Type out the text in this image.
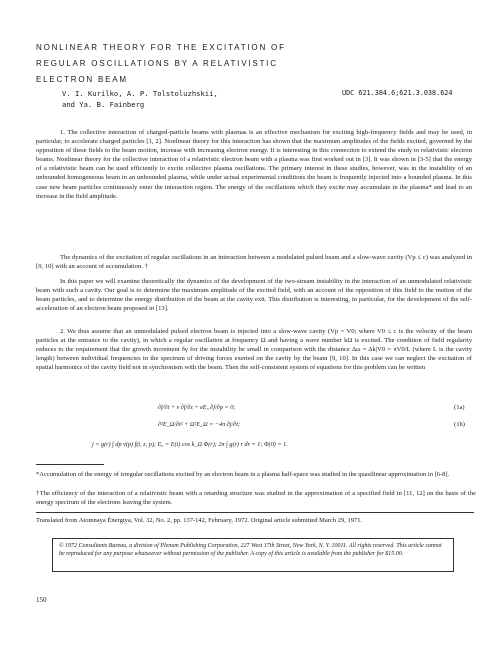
NONLINEAR THEORY FOR THE EXCITATION OF
REGULAR OSCILLATIONS BY A RELATIVISTIC
ELECTRON BEAM
V. I. Kurilko, A. P. Tolstoluzhskii,
and Ya. B. Fainberg
UDC 621.384.6;621.3.038.624

1. The collective interaction of charged-particle beams with plasmas is an effective mechanism for exciting high-frequency fields and may be used, in particular, to accelerate charged particles [1, 2]. Nonlinear theory for this interaction has shown that the maximum amplitudes of the fields excited, governed by the opposition of these fields to the beam motion, increase with increasing electron energy. It is interesting in this connection to extend the study to relativistic electron beams. Nonlinear theory for the collective interaction of a relativistic electron beam with a plasma was first worked out in [3]. It was shown in [3-5] that the energy of a relativistic beam can be used efficiently to excite collective plasma oscillations. The primary interest in these studies, however, was in the instability of an unbounded homogeneous beam in an unbounded plasma, while under actual experimental conditions the beam is frequently injected into a bounded plasma. In this case new beam particles continuously enter the interaction region. The energy of the oscillations which they excite may accumulate in the plasma* and lead to an increase in the field amplitude.

The dynamics of the excitation of regular oscillations in an interaction between a modulated pulsed beam and a slow-wave cavity (Vp ≤ c) was analyzed in [9, 10] with an account of accumulation. †

In this paper we will examine theoretically the dynamics of the development of the two-stream instability in the interaction of an unmodulated relativistic beam with such a cavity. Our goal is to determine the maximum amplitude of the excited field, with an account of the opposition of this field to the motion of the beam particles, and to determine the energy distribution of the beam at the cavity exit. This distribution is interesting, in particular, for the development of the self-acceleration of an electron beam proposed in [13].

2. We thus assume that an unmodulated pulsed electron beam is injected into a slow-wave cavity (Vp = V0; where V0 ≤ c is the velocity of the beam particles at the entrance to the cavity), in which a regular oscillation at frequency Ω and having a wave number kΩ is excited. The condition of field regularity reduces to the requirement that the growth increment δγ for the instability be small in comparison with the distance Δω = Δk|V0 = πV0/L (where L is the cavity length) between individual frequencies in the spectrum of driving forces exerted on the cavity by the beam [9, 10]. In this case we can neglect the excitation of spatial harmonics of the cavity field not in synchronism with the beam. Then the self-consistent system of equations for this problem can be written

∂f/∂t + v ∂f/∂z + eE₀ ∂f/∂p = 0;	(1a)
∂²E_Ω/∂t² + Ω²E_Ω = −4π ∂j/∂t;	(1b)
j = g(r) ∫ dp v(p) f(t, z, p); E₀ = E(t) cos k_Ω Φ(r); 2π ∫ g(r) r dr = 1; Φ(0) = 1.

*Accumulation of the energy of irregular oscillations excited by an electron beam in a plasma half-space was studied in the quasilinear approximation in [6-8].

†The efficiency of the interaction of a relativistic beam with a retarding structure was studied in the approximation of a specified field in [11, 12] on the basis of the energy spectrum of the electrons leaving the system.

Translated from Atomnaya Énergiya, Vol. 32, No. 2, pp. 137-142, February, 1972. Original article submitted March 29, 1971.

© 1972 Consultants Bureau, a division of Plenum Publishing Corporation, 227 West 17th Street, New York, N. Y. 10011. All rights reserved. This article cannot be reproduced for any purpose whatsoever without permission of the publisher. A copy of this article is available from the publisher for $15.00.
150
